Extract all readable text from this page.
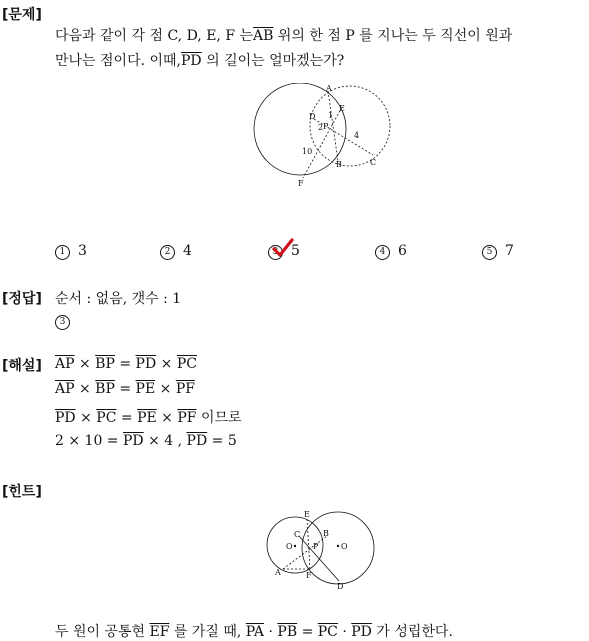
[문제]
다음과 같이 각 점 C, D, E, F 는$\overline{AB}$ 위의 한 점 P 를 지나는 두 직선이 원과
만나는 점이다. 이때$,\overline{PD}$ 의 길이는 얼마겠는가?
A
E
D
P
1
2
4
10
B	C
F
1 3	2 4	3 5	4 6	5 7
[정답] 순서 : 없음, 갯수 : 1
3
[해설] $\overline{AP} \times \overline{BP} = \overline{PD} \times \overline{PC}$
$\overline{AP} \times \overline{BP} = \overline{PE} \times \overline{PF}$
$\overline{PD} \times \overline{PC} = \overline{PE} \times \overline{PF}$ 이므로
$2 \times 10 = \overline{PD} \times 4$ , $\overline{PD} = 5$
[힌트]
E
C	B
O	P	O
A	F
D
두 원이 공통현 $\overline{EF}$ 를 가질 때, $\overline{PA} \cdot \overline{PB} = \overline{PC} \cdot \overline{PD}$ 가 성립한다.
